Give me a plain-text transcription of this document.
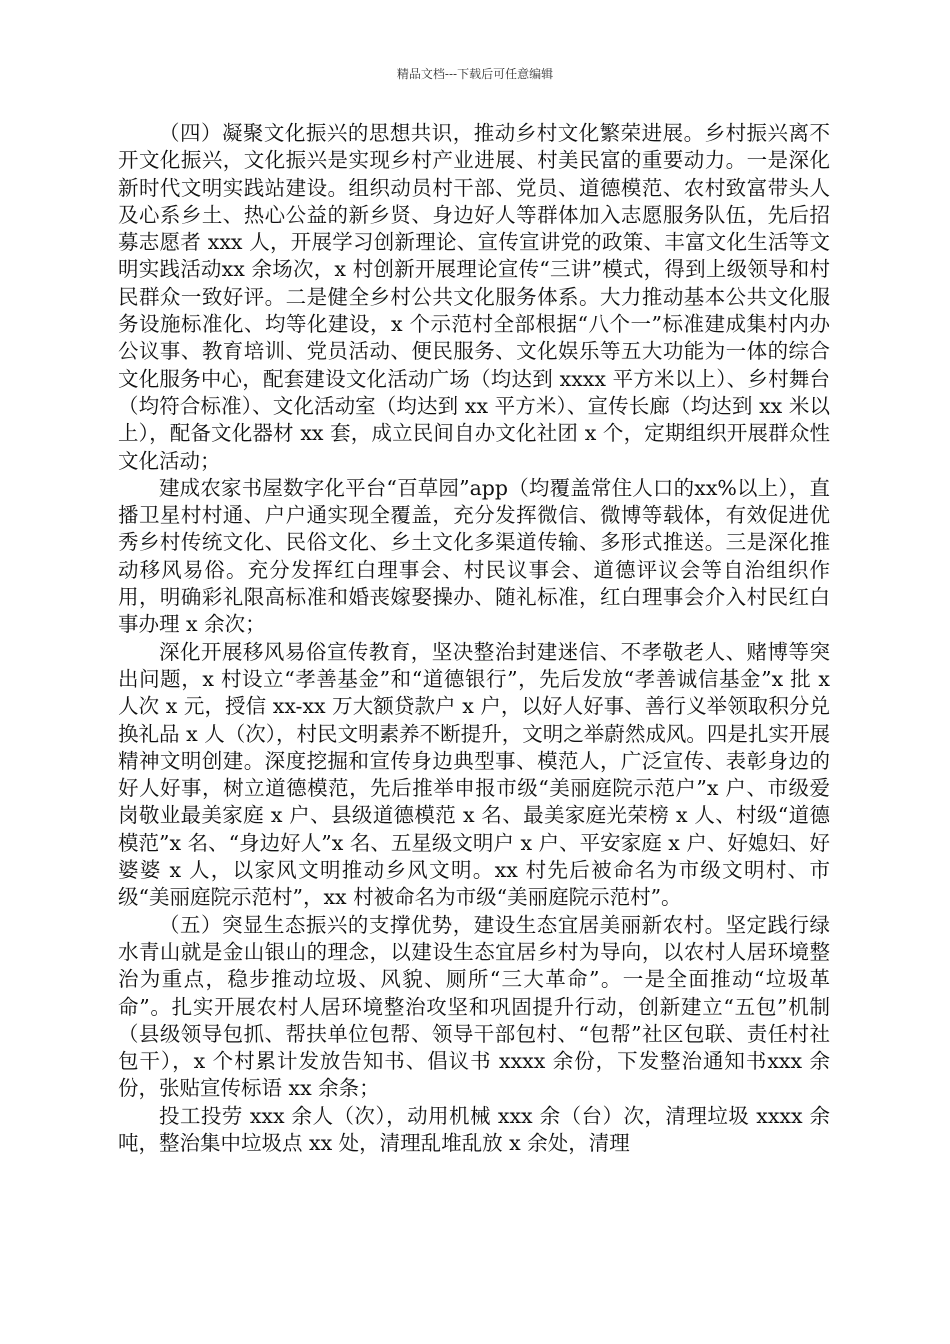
精品文档---下载后可任意编辑

（四）凝聚文化振兴的思想共识，推动乡村文化繁荣进展。乡村振兴离不开文化振兴，文化振兴是实现乡村产业进展、村美民富的重要动力。一是深化新时代文明实践站建设。组织动员村干部、党员、道德模范、农村致富带头人及心系乡土、热心公益的新乡贤、身边好人等群体加入志愿服务队伍，先后招募志愿者 xxx 人，开展学习创新理论、宣传宣讲党的政策、丰富文化生活等文明实践活动xx 余场次，x 村创新开展理论宣传“三讲”模式，得到上级领导和村民群众一致好评。二是健全乡村公共文化服务体系。大力推动基本公共文化服务设施标准化、均等化建设，x 个示范村全部根据“八个一”标准建成集村内办公议事、教育培训、党员活动、便民服务、文化娱乐等五大功能为一体的综合文化服务中心，配套建设文化活动广场（均达到 xxxx 平方米以上）、乡村舞台（均符合标准）、文化活动室（均达到 xx 平方米）、宣传长廊（均达到 xx 米以上），配备文化器材 xx 套，成立民间自办文化社团 x 个，定期组织开展群众性文化活动；

建成农家书屋数字化平台“百草园”app（均覆盖常住人口的xx%以上），直播卫星村村通、户户通实现全覆盖，充分发挥微信、微博等载体，有效促进优秀乡村传统文化、民俗文化、乡土文化多渠道传输、多形式推送。三是深化推动移风易俗。充分发挥红白理事会、村民议事会、道德评议会等自治组织作用，明确彩礼限高标准和婚丧嫁娶操办、随礼标准，红白理事会介入村民红白事办理 x 余次；

深化开展移风易俗宣传教育，坚决整治封建迷信、不孝敬老人、赌博等突出问题，x 村设立“孝善基金”和“道德银行”，先后发放“孝善诚信基金”x 批 x 人次 x 元，授信 xx-xx 万大额贷款户 x 户，以好人好事、善行义举领取积分兑换礼品 x 人（次），村民文明素养不断提升，文明之举蔚然成风。四是扎实开展精神文明创建。深度挖掘和宣传身边典型事、模范人，广泛宣传、表彰身边的好人好事，树立道德模范，先后推举申报市级“美丽庭院示范户”x 户、市级爱岗敬业最美家庭 x 户、县级道德模范 x 名、最美家庭光荣榜 x 人、村级“道德模范”x 名、“身边好人”x 名、五星级文明户 x 户、平安家庭 x 户、好媳妇、好婆婆 x 人，以家风文明推动乡风文明。xx 村先后被命名为市级文明村、市级“美丽庭院示范村”，xx 村被命名为市级“美丽庭院示范村”。

（五）突显生态振兴的支撑优势，建设生态宜居美丽新农村。坚定践行绿水青山就是金山银山的理念，以建设生态宜居乡村为导向，以农村人居环境整治为重点，稳步推动垃圾、风貌、厕所“三大革命”。一是全面推动“垃圾革命”。扎实开展农村人居环境整治攻坚和巩固提升行动，创新建立“五包”机制（县级领导包抓、帮扶单位包帮、领导干部包村、“包帮”社区包联、责任村社包干），x 个村累计发放告知书、倡议书 xxxx 余份，下发整治通知书xxx 余份，张贴宣传标语 xx 余条；

投工投劳 xxx 余人（次），动用机械 xxx 余（台）次，清理垃圾 xxxx 余吨，整治集中垃圾点 xx 处，清理乱堆乱放 x 余处，清理
